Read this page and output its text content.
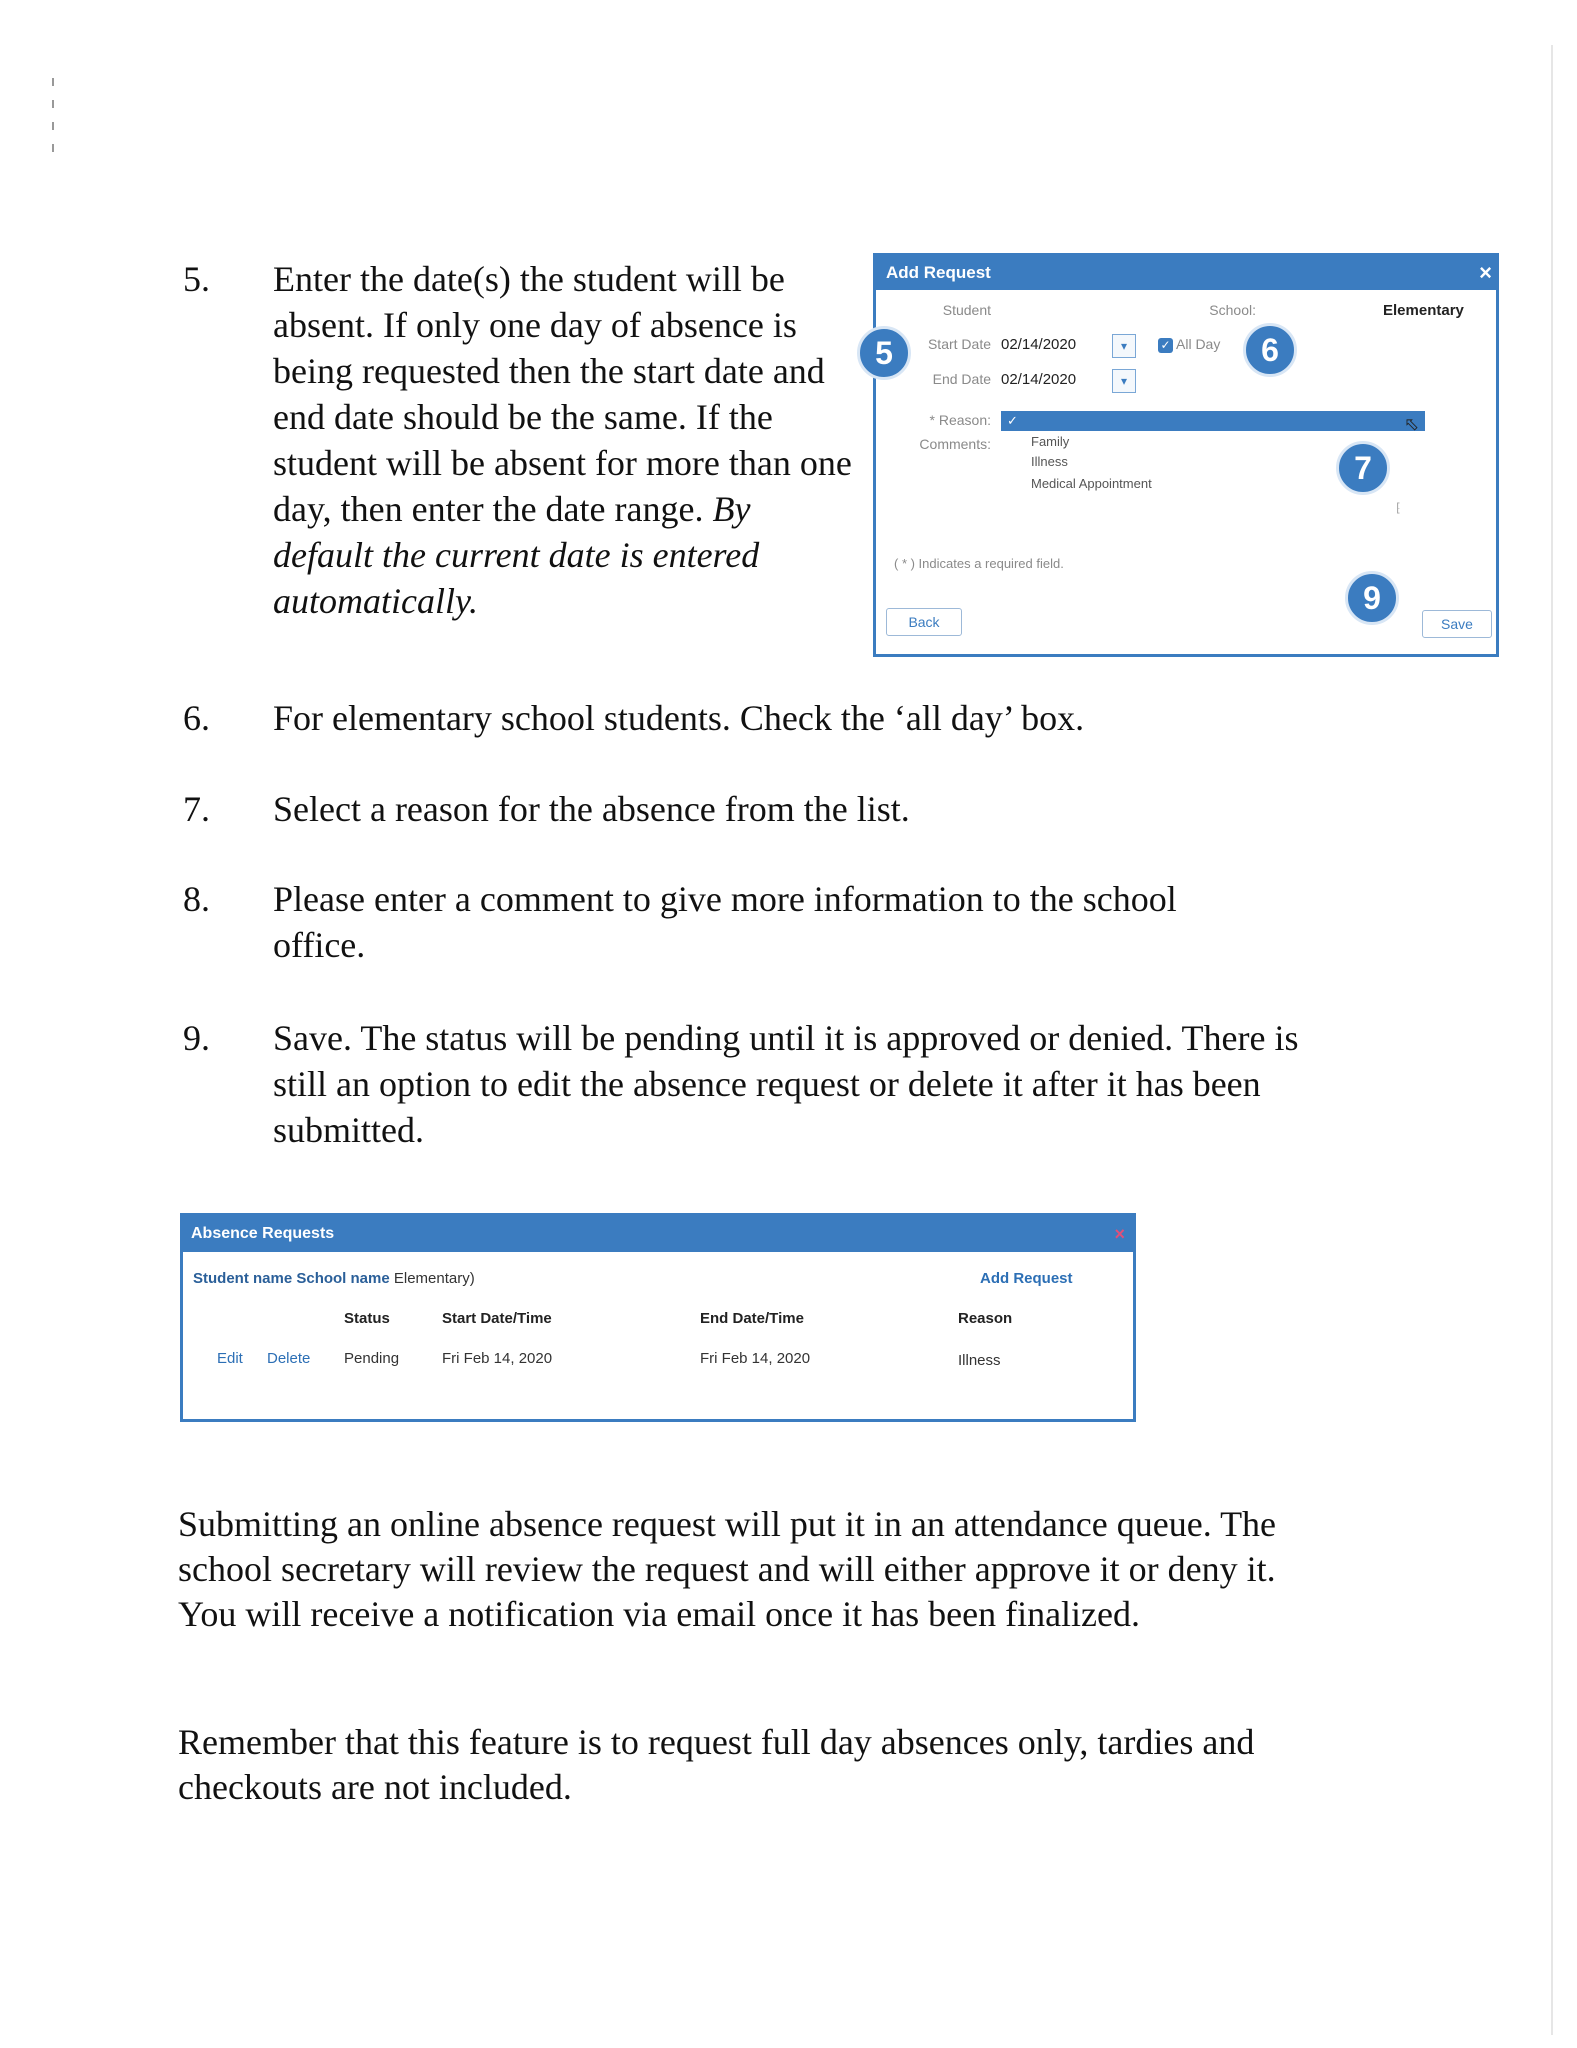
5. Enter the date(s) the student will be absent. If only one day of absence is being requested then the start date and end date should be the same. If the student will be absent for more than one day, then enter the date range. By default the current date is entered automatically.
Add Request	×
Student	School:	Elementary
Start Date 02/14/2020	▾	✓ All Day
End Date 02/14/2020	▾
* Reason:	✓	⬁
Comments:	Family
Illness
Medical Appointment
⁅
( * ) Indicates a required field.
Back	Save
5	6
7
9
6. For elementary school students. Check the ‘all day’ box.
7. Select a reason for the absence from the list.
8. Please enter a comment to give more information to the school office.
9. Save. The status will be pending until it is approved or denied. There is still an option to edit the absence request or delete it after it has been submitted.
Absence Requests	×
Student name School name Elementary)	Add Request
Status	Start Date/Time	End Date/Time	Reason
Edit Delete Pending	Fri Feb 14, 2020	Fri Feb 14, 2020	Illness
Submitting an online absence request will put it in an attendance queue. The school secretary will review the request and will either approve it or deny it. You will receive a notification via email once it has been finalized.
Remember that this feature is to request full day absences only, tardies and checkouts are not included.
